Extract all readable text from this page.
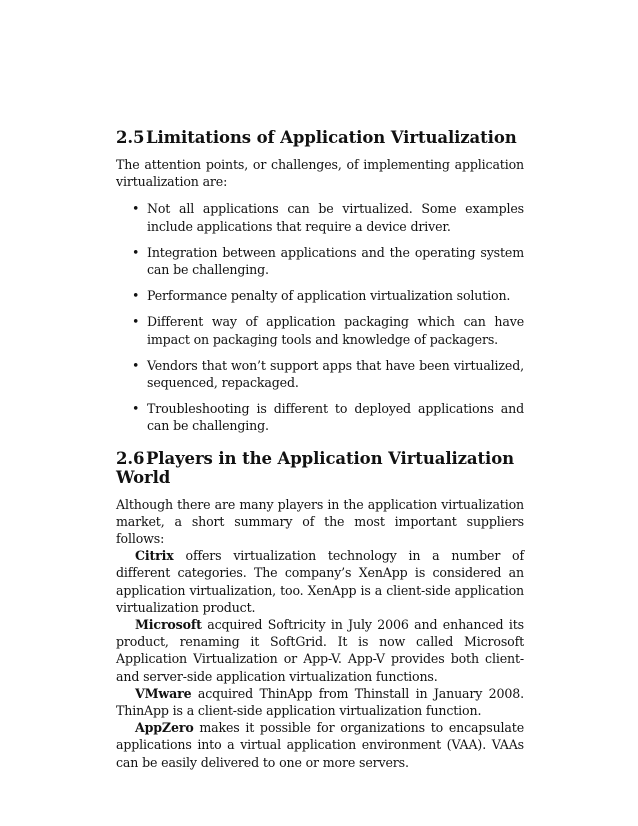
2.5Limitations of Application Virtualization

The attention points, or challenges, of implementing application virtualization are:

• Not all applications can be virtualized. Some examples include applications that require a device driver.
• Integration between applications and the operating system can be challenging.
• Performance penalty of application virtualization solution.
• Different way of application packaging which can have impact on packaging tools and knowledge of packagers.
• Vendors that won’t support apps that have been virtualized, sequenced, repackaged.
• Troubleshooting is different to deployed applications and can be challenging.
2.6Players in the Application Virtualization World

Although there are many players in the application virtualization market, a short summary of the most important suppliers follows:

Citrix offers virtualization technology in a number of different categories. The company’s XenApp is considered an application virtualization, too. XenApp is a client-side application virtualization product.

Microsoft acquired Softricity in July 2006 and enhanced its product, renaming it SoftGrid. It is now called Microsoft Application Virtualization or App-V. App-V provides both client- and server-side application virtualization functions.

VMware acquired ThinApp from Thinstall in January 2008. ThinApp is a client-side application virtualization function.

AppZero makes it possible for organizations to encapsulate applications into a virtual application environment (VAA). VAAs can be easily delivered to one or more servers.
